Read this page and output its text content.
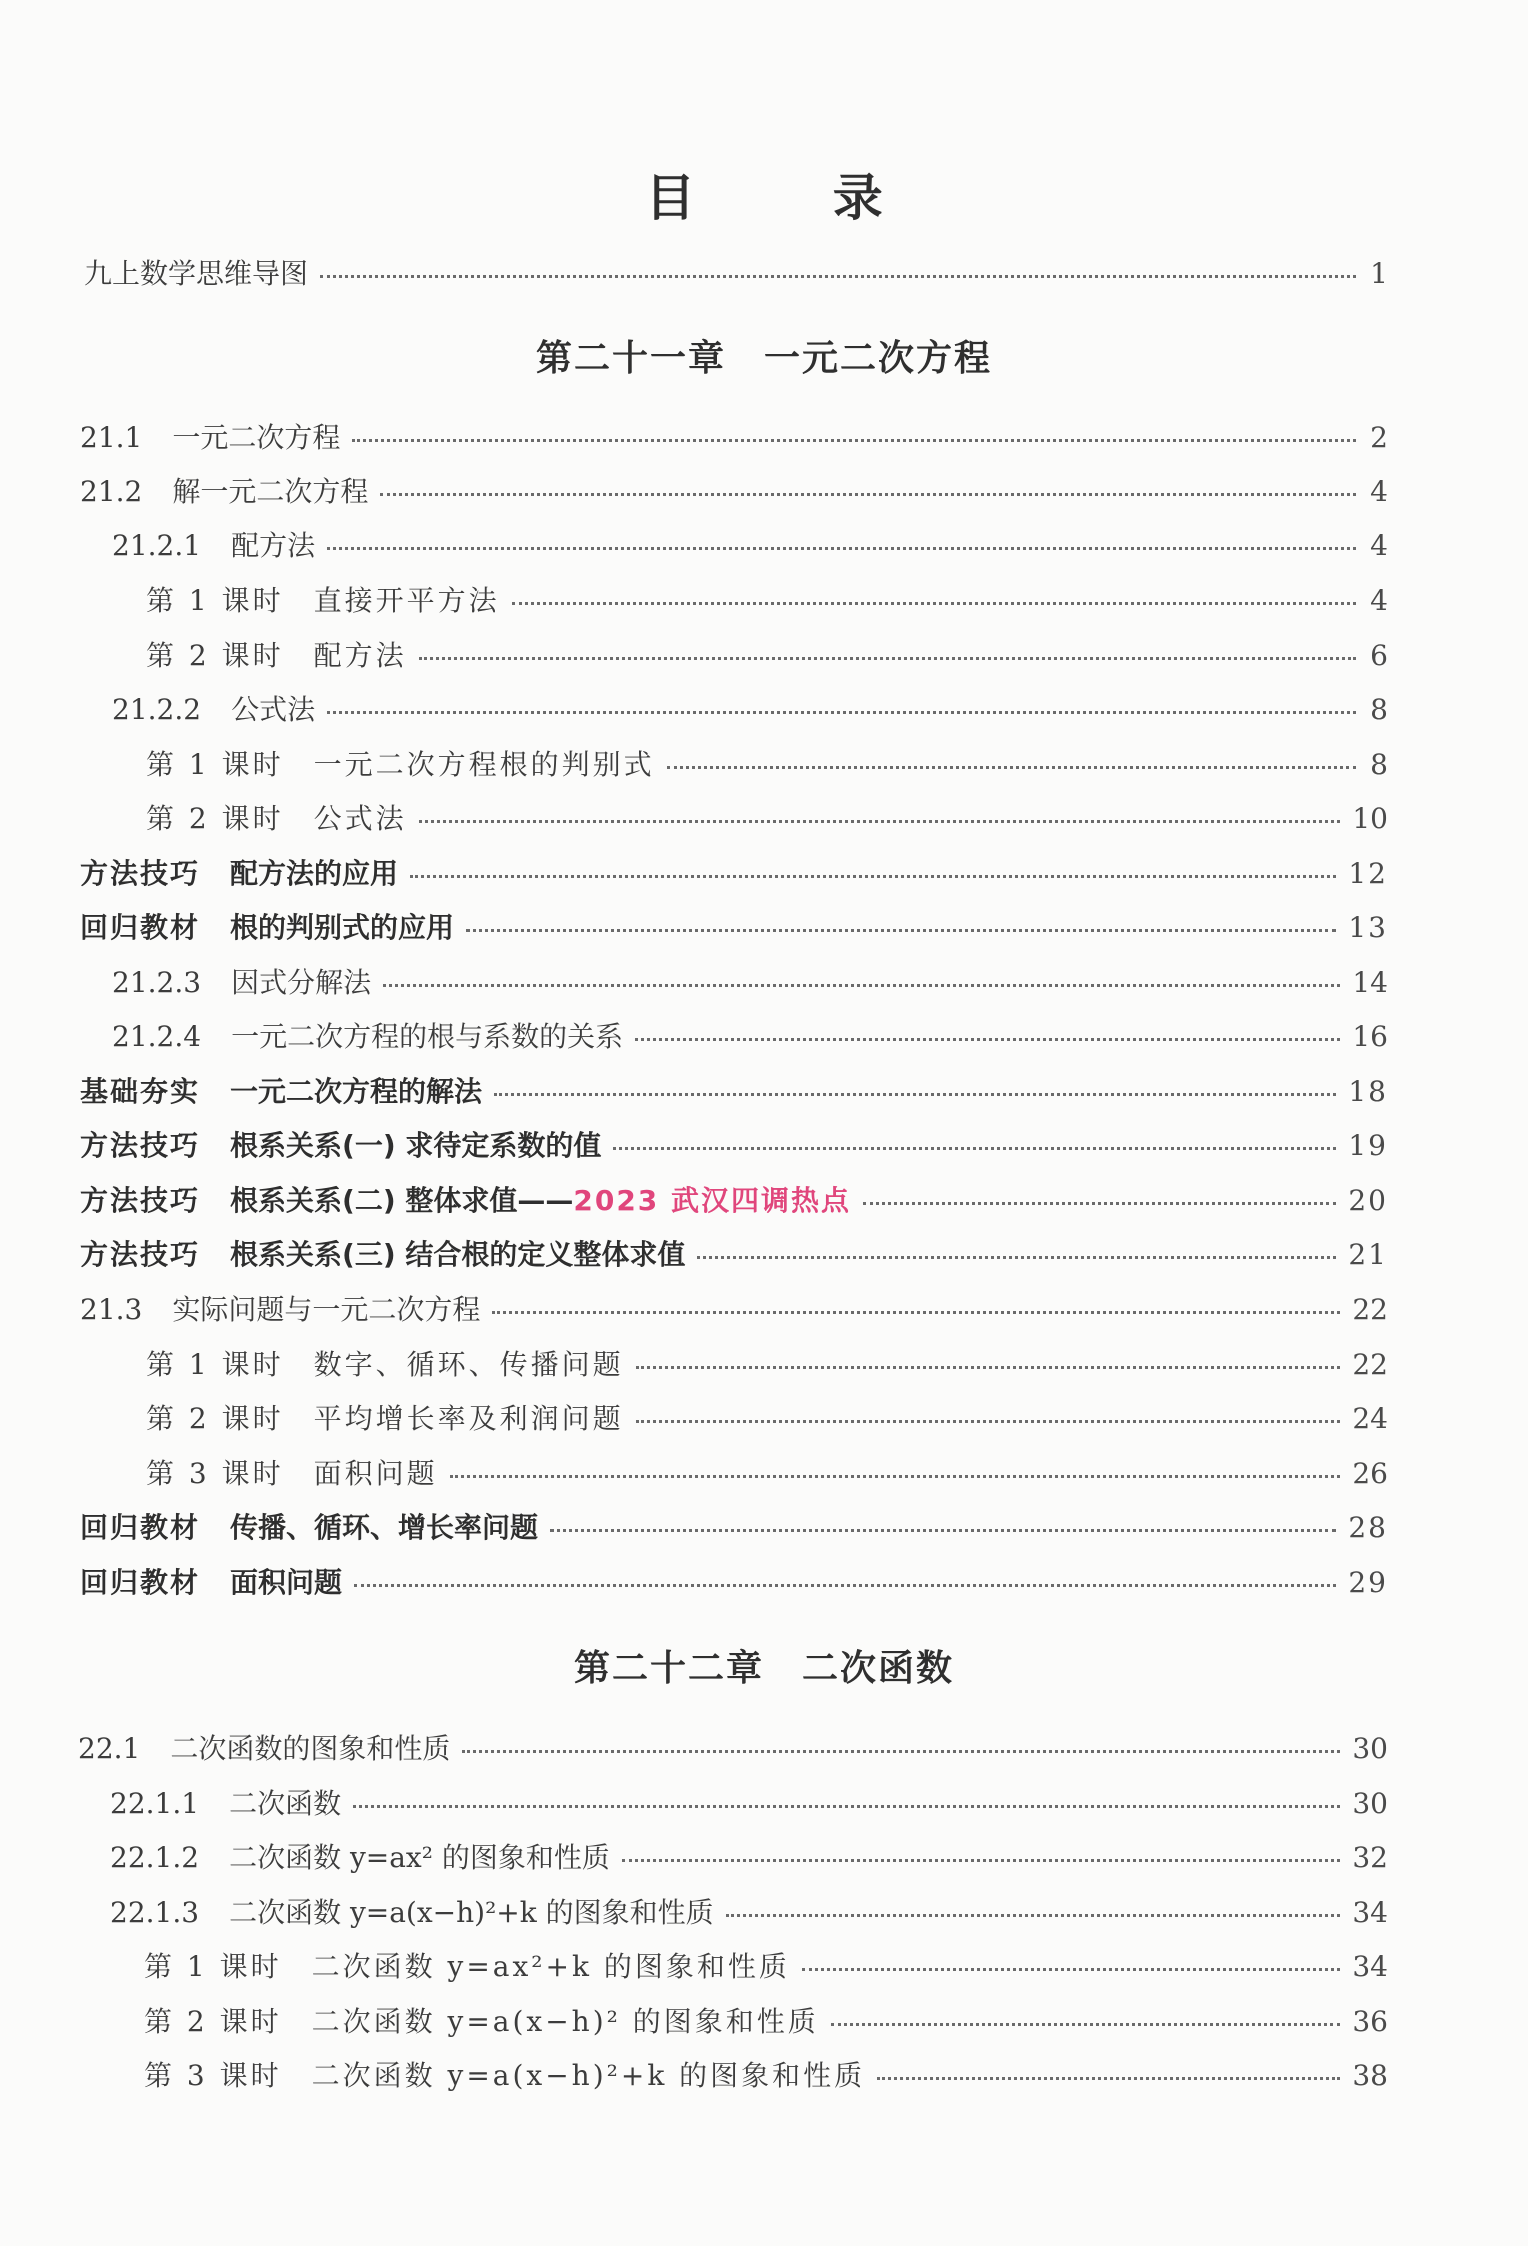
目 录
九上数学思维导图	1
第二十一章 一元二次方程
21.1 一元二次方程	2
21.2 解一元二次方程	4
21.2.1 配方法	4
第 1 课时 直接开平方法	4
第 2 课时 配方法	6
21.2.2 公式法	8
第 1 课时 一元二次方程根的判别式	8
第 2 课时 公式法	10
方法技巧 配方法的应用	12
回归教材 根的判别式的应用	13
21.2.3 因式分解法	14
21.2.4 一元二次方程的根与系数的关系	16
基础夯实 一元二次方程的解法	18
方法技巧 根系关系(一) 求待定系数的值	19
方法技巧 根系关系(二) 整体求值—— 2023 武汉四调热点	20
方法技巧 根系关系(三) 结合根的定义整体求值	21
21.3 实际问题与一元二次方程	22
第 1 课时 数字、循环、传播问题	22
第 2 课时 平均增长率及利润问题	24
第 3 课时 面积问题	26
回归教材 传播、循环、增长率问题	28
回归教材 面积问题	29
第二十二章 二次函数
22.1 二次函数的图象和性质	30
22.1.1 二次函数	30
22.1.2 二次函数 y=ax² 的图象和性质	32
22.1.3 二次函数 y=a(x−h)²+k 的图象和性质	34
第 1 课时 二次函数 y=ax²+k 的图象和性质	34
第 2 课时 二次函数 y=a(x−h)² 的图象和性质	36
第 3 课时 二次函数 y=a(x−h)²+k 的图象和性质	38
